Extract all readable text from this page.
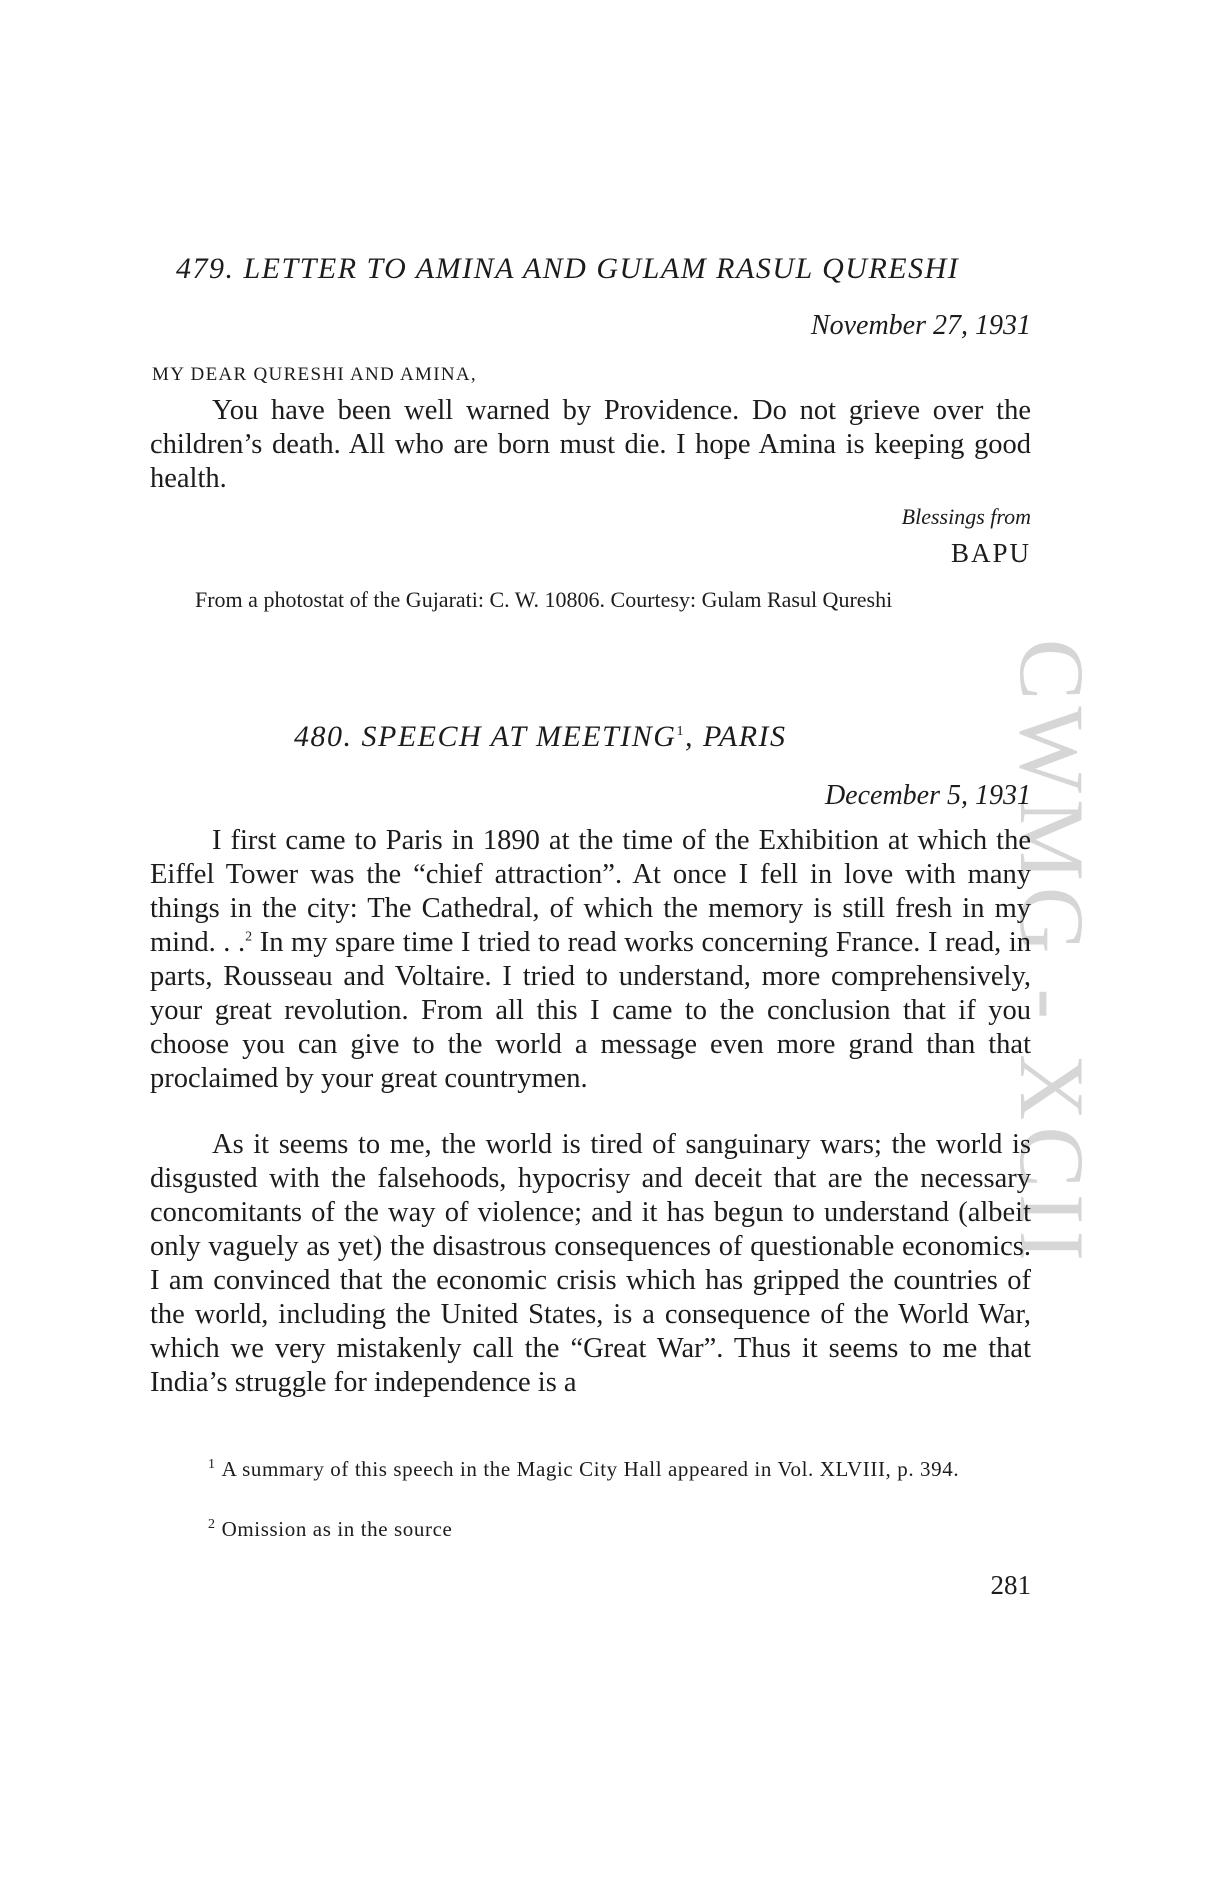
CWMG - XCII
479. LETTER TO AMINA AND GULAM RASUL QURESHI
November 27, 1931
MY DEAR QURESHI AND AMINA,

You have been well warned by Providence. Do not grieve over the children’s death. All who are born must die. I hope Amina is keeping good health.

Blessings from
BAPU

From a photostat of the Gujarati: C. W. 10806. Courtesy: Gulam Rasul Qureshi

480. SPEECH AT MEETING$^1$, PARIS
December 5, 1931

I first came to Paris in 1890 at the time of the Exhibition at which the Eiffel Tower was the “chief attraction”. At once I fell in love with many things in the city: The Cathedral, of which the memory is still fresh in my mind. . .$^2$ In my spare time I tried to read works concerning France. I read, in parts, Rousseau and Voltaire. I tried to understand, more comprehensively, your great revolution. From all this I came to the conclusion that if you choose you can give to the world a message even more grand than that proclaimed by your great countrymen.

As it seems to me, the world is tired of sanguinary wars; the world is disgusted with the falsehoods, hypocrisy and deceit that are the necessary concomitants of the way of violence; and it has begun to understand (albeit only vaguely as yet) the disastrous consequences of questionable economics. I am convinced that the economic crisis which has gripped the countries of the world, including the United States, is a consequence of the World War, which we very mistakenly call the “Great War”. Thus it seems to me that India’s struggle for independence is a

$^1$ A summary of this speech in the Magic City Hall appeared in Vol. XLVIII, p. 394.

$^2$ Omission as in the source

281
